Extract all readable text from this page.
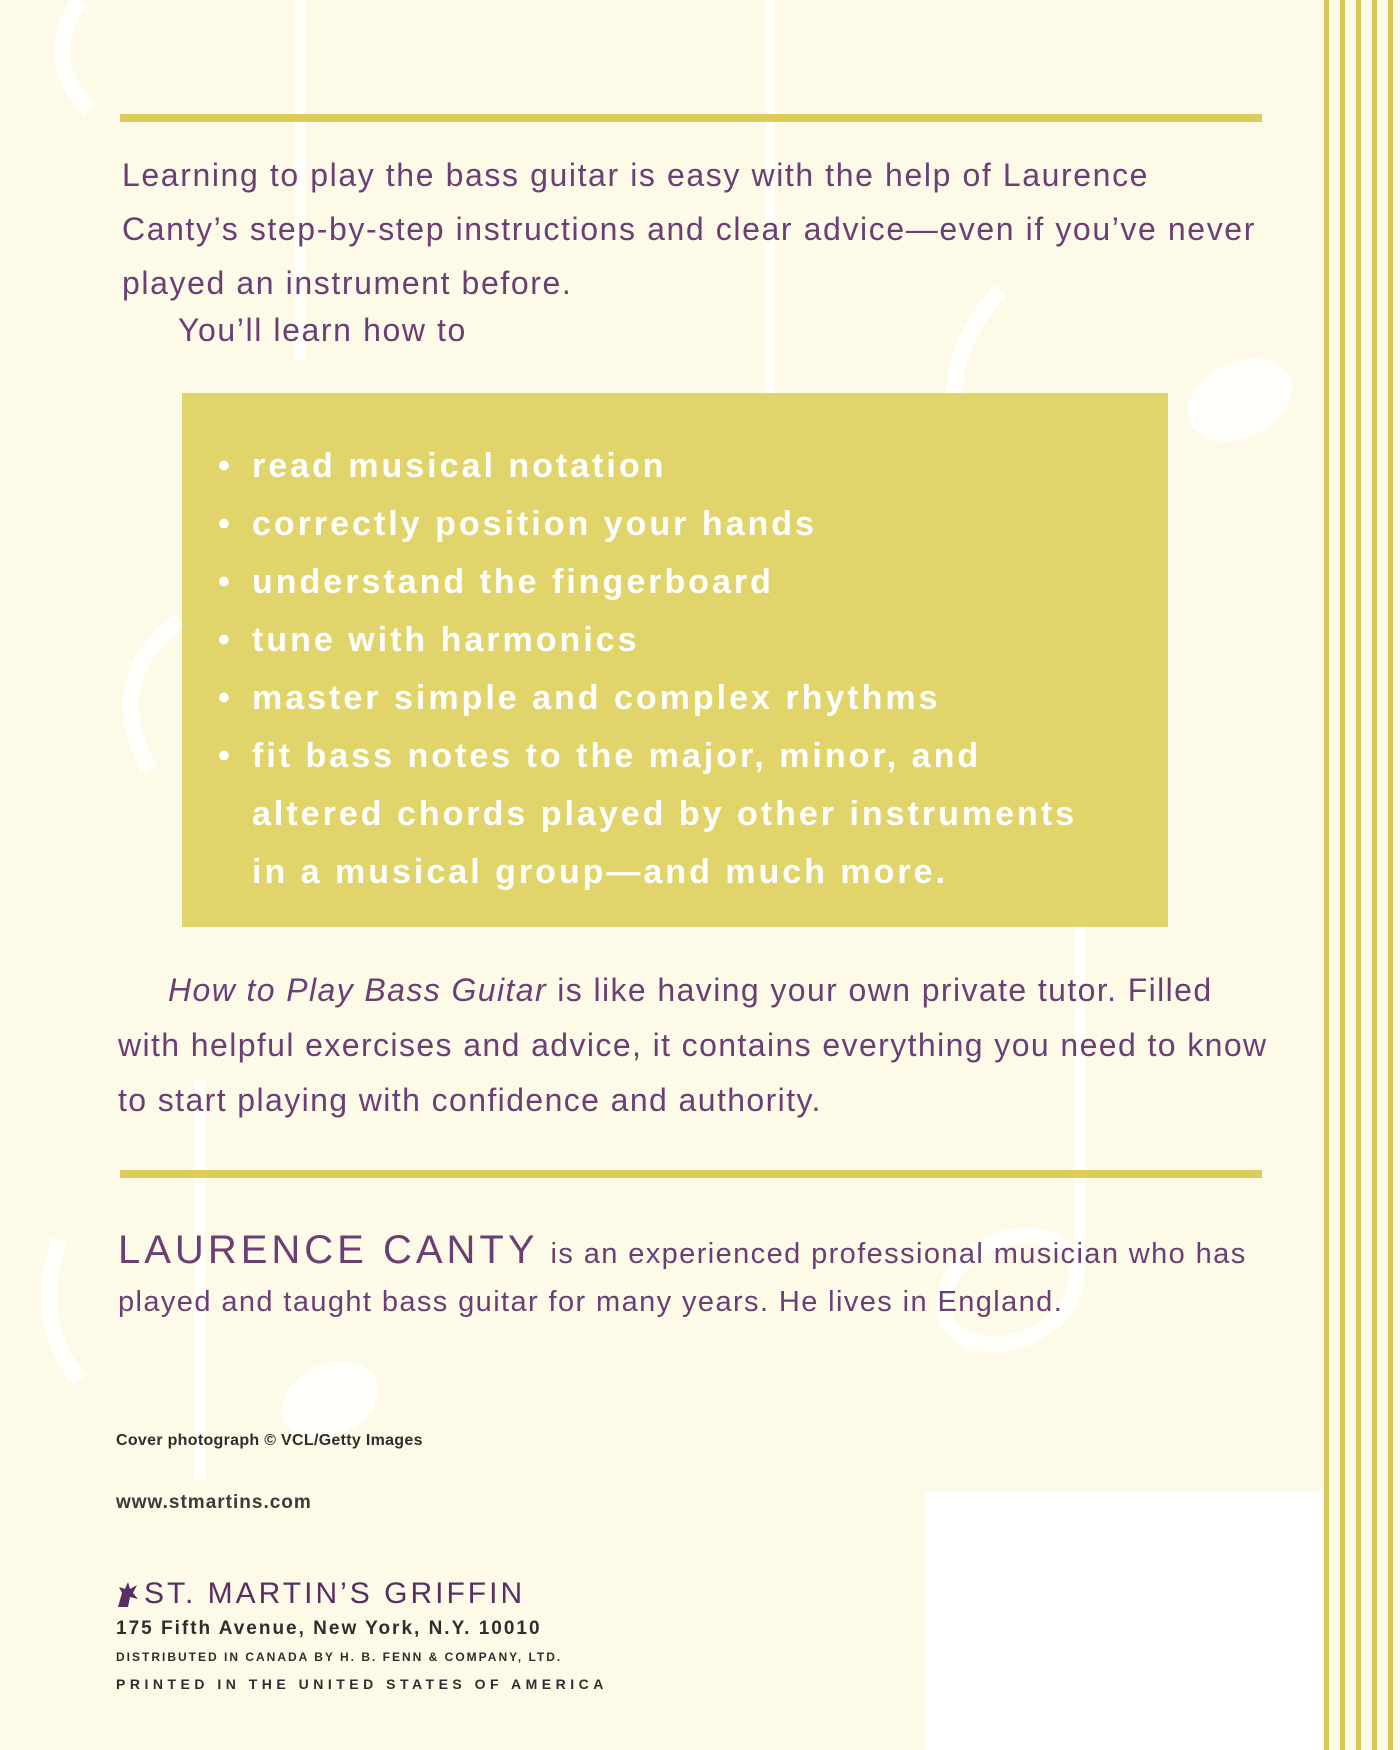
Learning to play the bass guitar is easy with the help of Laurence Canty’s step-by-step instructions and clear advice—even if you’ve never played an instrument before.

You’ll learn how to

• read musical notation
• correctly position your hands
• understand the fingerboard
• tune with harmonics
• master simple and complex rhythms
• fit bass notes to the major, minor, and altered chords played by other instruments in a musical group—and much more.

How to Play Bass Guitar is like having your own private tutor. Filled with helpful exercises and advice, it contains everything you need to know to start playing with confidence and authority.

LAURENCE CANTY is an experienced professional musician who has played and taught bass guitar for many years. He lives in England.

Cover photograph © VCL/Getty Images
www.stmartins.com
ST. MARTIN’S GRIFFIN
175 Fifth Avenue, New York, N.Y. 10010
DISTRIBUTED IN CANADA BY H. B. FENN & COMPANY, LTD.
PRINTED IN THE UNITED STATES OF AMERICA
